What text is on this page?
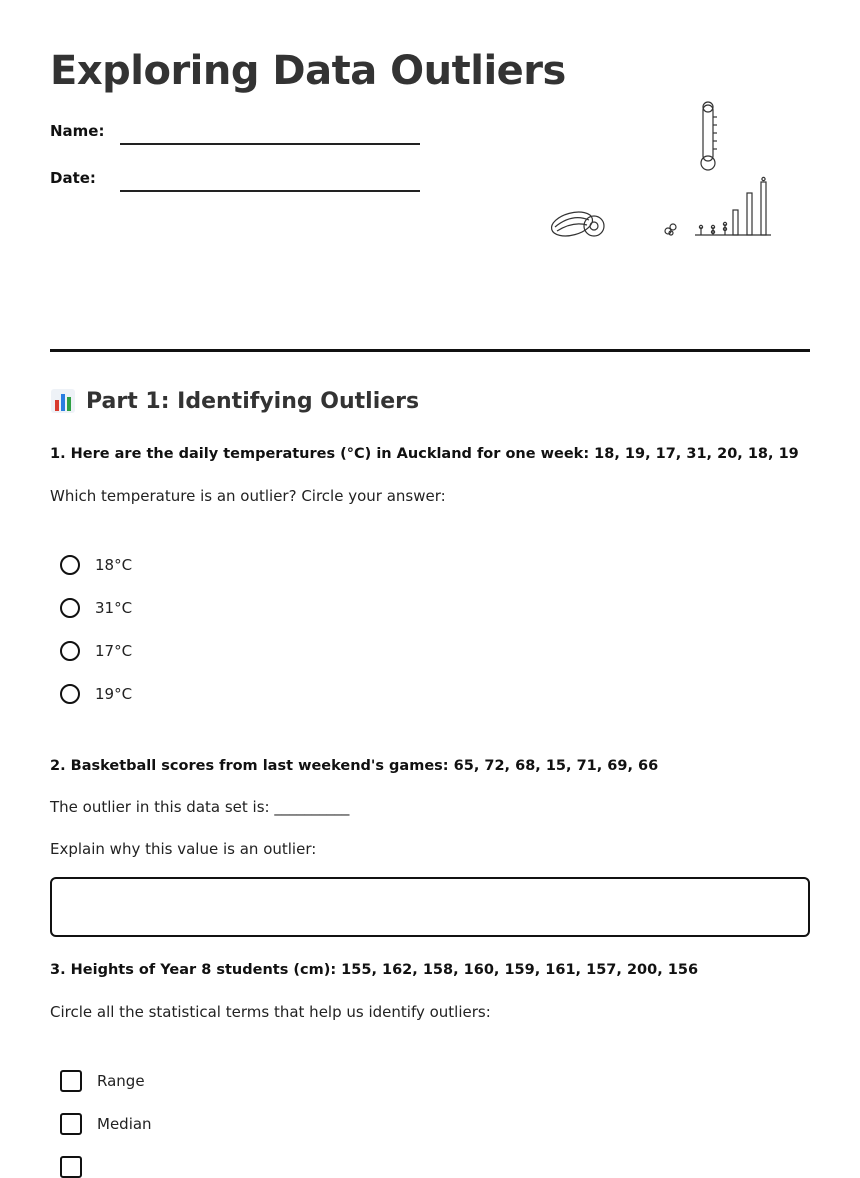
Exploring Data Outliers
Name:
Date:
Part 1: Identifying Outliers
1. Here are the daily temperatures (°C) in Auckland for one week: 18, 19, 17, 31, 20, 18, 19
Which temperature is an outlier? Circle your answer:
18°C
31°C
17°C
19°C
2. Basketball scores from last weekend's games: 65, 72, 68, 15, 71, 69, 66
The outlier in this data set is: __________
Explain why this value is an outlier:
3. Heights of Year 8 students (cm): 155, 162, 158, 160, 159, 161, 157, 200, 156
Circle all the statistical terms that help us identify outliers:
Range
Median
